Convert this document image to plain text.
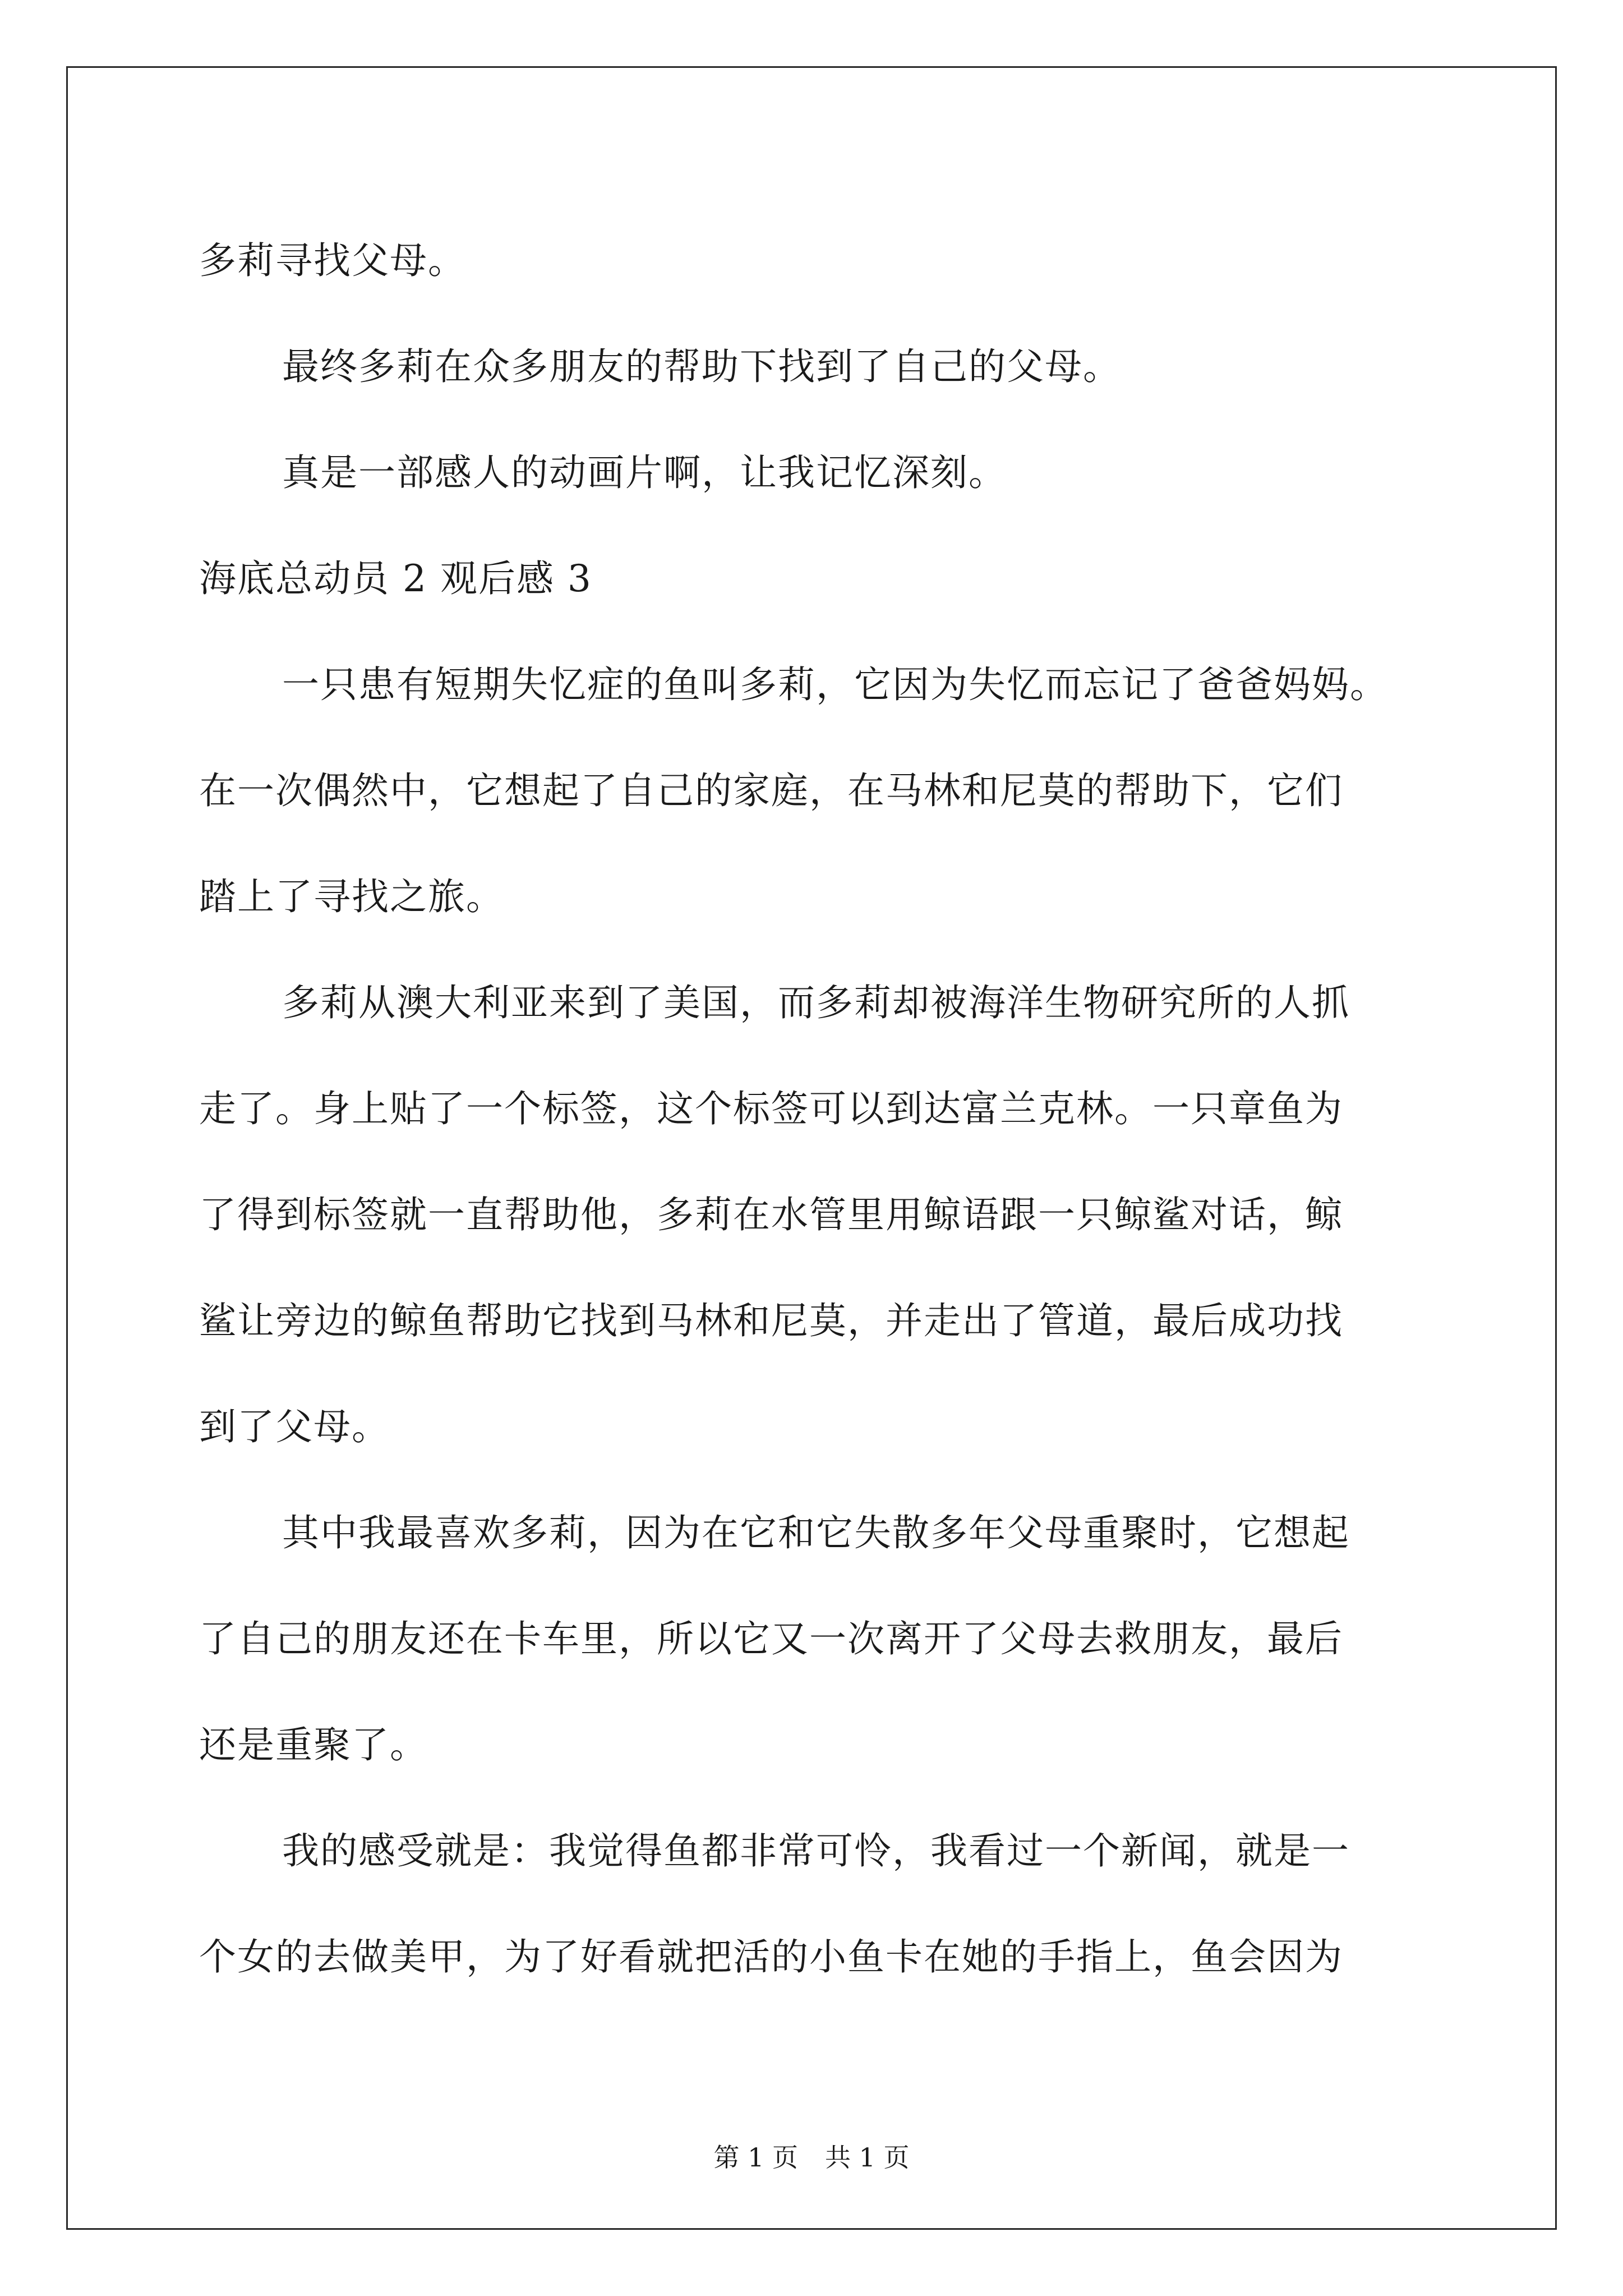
多莉寻找父母。

最终多莉在众多朋友的帮助下找到了自己的父母。

真是一部感人的动画片啊，让我记忆深刻。

海底总动员 2 观后感 3

一只患有短期失忆症的鱼叫多莉，它因为失忆而忘记了爸爸妈妈。

在一次偶然中，它想起了自己的家庭，在马林和尼莫的帮助下，它们

踏上了寻找之旅。

多莉从澳大利亚来到了美国，而多莉却被海洋生物研究所的人抓

走了。身上贴了一个标签，这个标签可以到达富兰克林。一只章鱼为

了得到标签就一直帮助他，多莉在水管里用鲸语跟一只鲸鲨对话，鲸

鲨让旁边的鲸鱼帮助它找到马林和尼莫，并走出了管道，最后成功找

到了父母。

其中我最喜欢多莉，因为在它和它失散多年父母重聚时，它想起

了自己的朋友还在卡车里，所以它又一次离开了父母去救朋友，最后

还是重聚了。

我的感受就是：我觉得鱼都非常可怜，我看过一个新闻，就是一

个女的去做美甲，为了好看就把活的小鱼卡在她的手指上，鱼会因为

第 1 页 共 1 页
